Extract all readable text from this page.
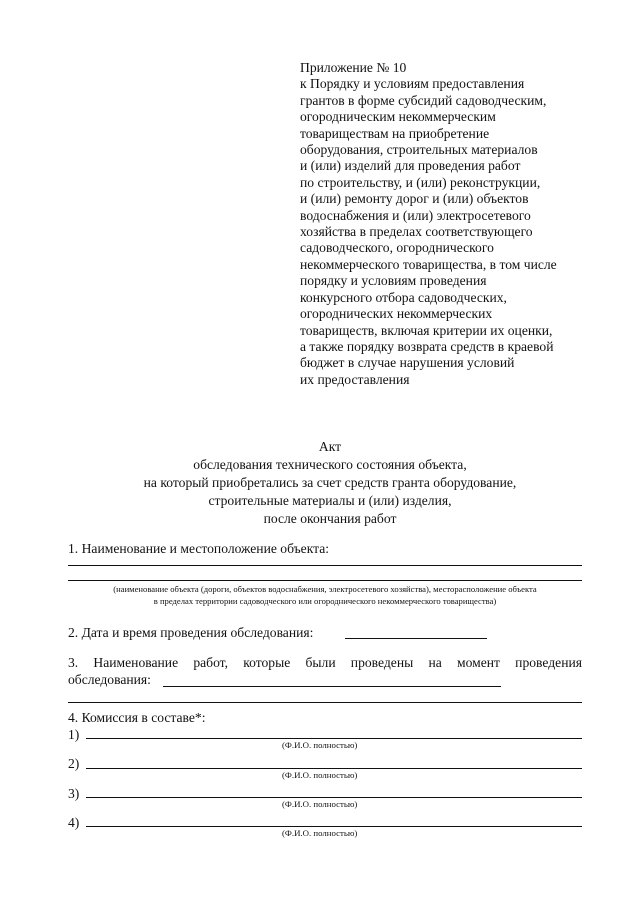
Приложение № 10
к Порядку и условиям предоставления
грантов в форме субсидий садоводческим,
огородническим некоммерческим
товариществам на приобретение
оборудования, строительных материалов
и (или) изделий для проведения работ
по строительству, и (или) реконструкции,
и (или) ремонту дорог и (или) объектов
водоснабжения и (или) электросетевого
хозяйства в пределах соответствующего
садоводческого, огороднического
некоммерческого товарищества, в том числе
порядку и условиям проведения
конкурсного отбора садоводческих,
огороднических некоммерческих
товариществ, включая критерии их оценки,
а также порядку возврата средств в краевой
бюджет в случае нарушения условий
их предоставления
Акт
обследования технического состояния объекта,
на который приобретались за счет средств гранта оборудование,
строительные материалы и (или) изделия,
после окончания работ
1. Наименование и местоположение объекта:
(наименование объекта (дороги, объектов водоснабжения, электросетевого хозяйства), месторасположение объекта
в пределах территории садоводческого или огороднического некоммерческого товарищества)
2. Дата и время проведения обследования:
3. Наименование работ, которые были проведены на момент проведения
обследования:
4. Комиссия в составе*:
1)
(Ф.И.О. полностью)
2)
(Ф.И.О. полностью)
3)
(Ф.И.О. полностью)
4)
(Ф.И.О. полностью)
